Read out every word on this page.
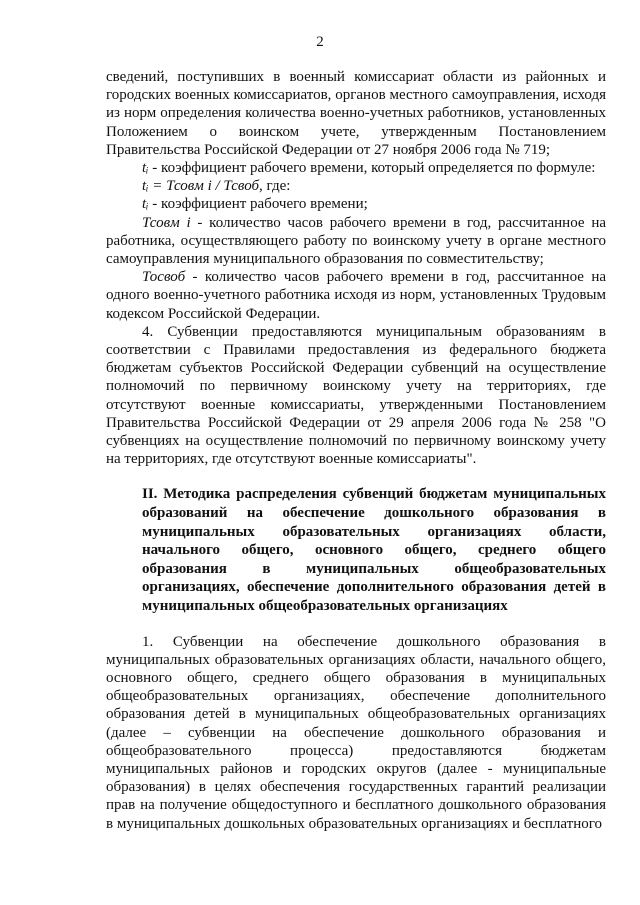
2

сведений, поступивших в военный комиссариат области из районных и городских военных комиссариатов, органов местного самоуправления, исходя из норм определения количества военно-учетных работников, установленных Положением о воинском учете, утвержденным Постановлением Правительства Российской Федерации от 27 ноября 2006 года № 719;

tᵢ - коэффициент рабочего времени, который определяется по формуле:

tᵢ = Тсовм i / Тсвоб, где:

tᵢ - коэффициент рабочего времени;

Тсовм i - количество часов рабочего времени в год, рассчитанное на работника, осуществляющего работу по воинскому учету в органе местного самоуправления муниципального образования по совместительству;

Тосвоб - количество часов рабочего времени в год, рассчитанное на одного военно-учетного работника исходя из норм, установленных Трудовым кодексом Российской Федерации.

4. Субвенции предоставляются муниципальным образованиям в соответствии с Правилами предоставления из федерального бюджета бюджетам субъектов Российской Федерации субвенций на осуществление полномочий по первичному воинскому учету на территориях, где отсутствуют военные комиссариаты, утвержденными Постановлением Правительства Российской Федерации от 29 апреля 2006 года № 258 "О субвенциях на осуществление полномочий по первичному воинскому учету на территориях, где отсутствуют военные комиссариаты".

II. Методика распределения субвенций бюджетам муниципальных образований на обеспечение дошкольного образования в муниципальных образовательных организациях области, начального общего, основного общего, среднего общего образования в муниципальных общеобразовательных организациях, обеспечение дополнительного образования детей в муниципальных общеобразовательных организациях

1. Субвенции на обеспечение дошкольного образования в муниципальных образовательных организациях области, начального общего, основного общего, среднего общего образования в муниципальных общеобразовательных организациях, обеспечение дополнительного образования детей в муниципальных общеобразовательных организациях (далее – субвенции на обеспечение дошкольного образования и общеобразовательного процесса) предоставляются бюджетам муниципальных районов и городских округов (далее - муниципальные образования) в целях обеспечения государственных гарантий реализации прав на получение общедоступного и бесплатного дошкольного образования в муниципальных дошкольных образовательных организациях и бесплатного
